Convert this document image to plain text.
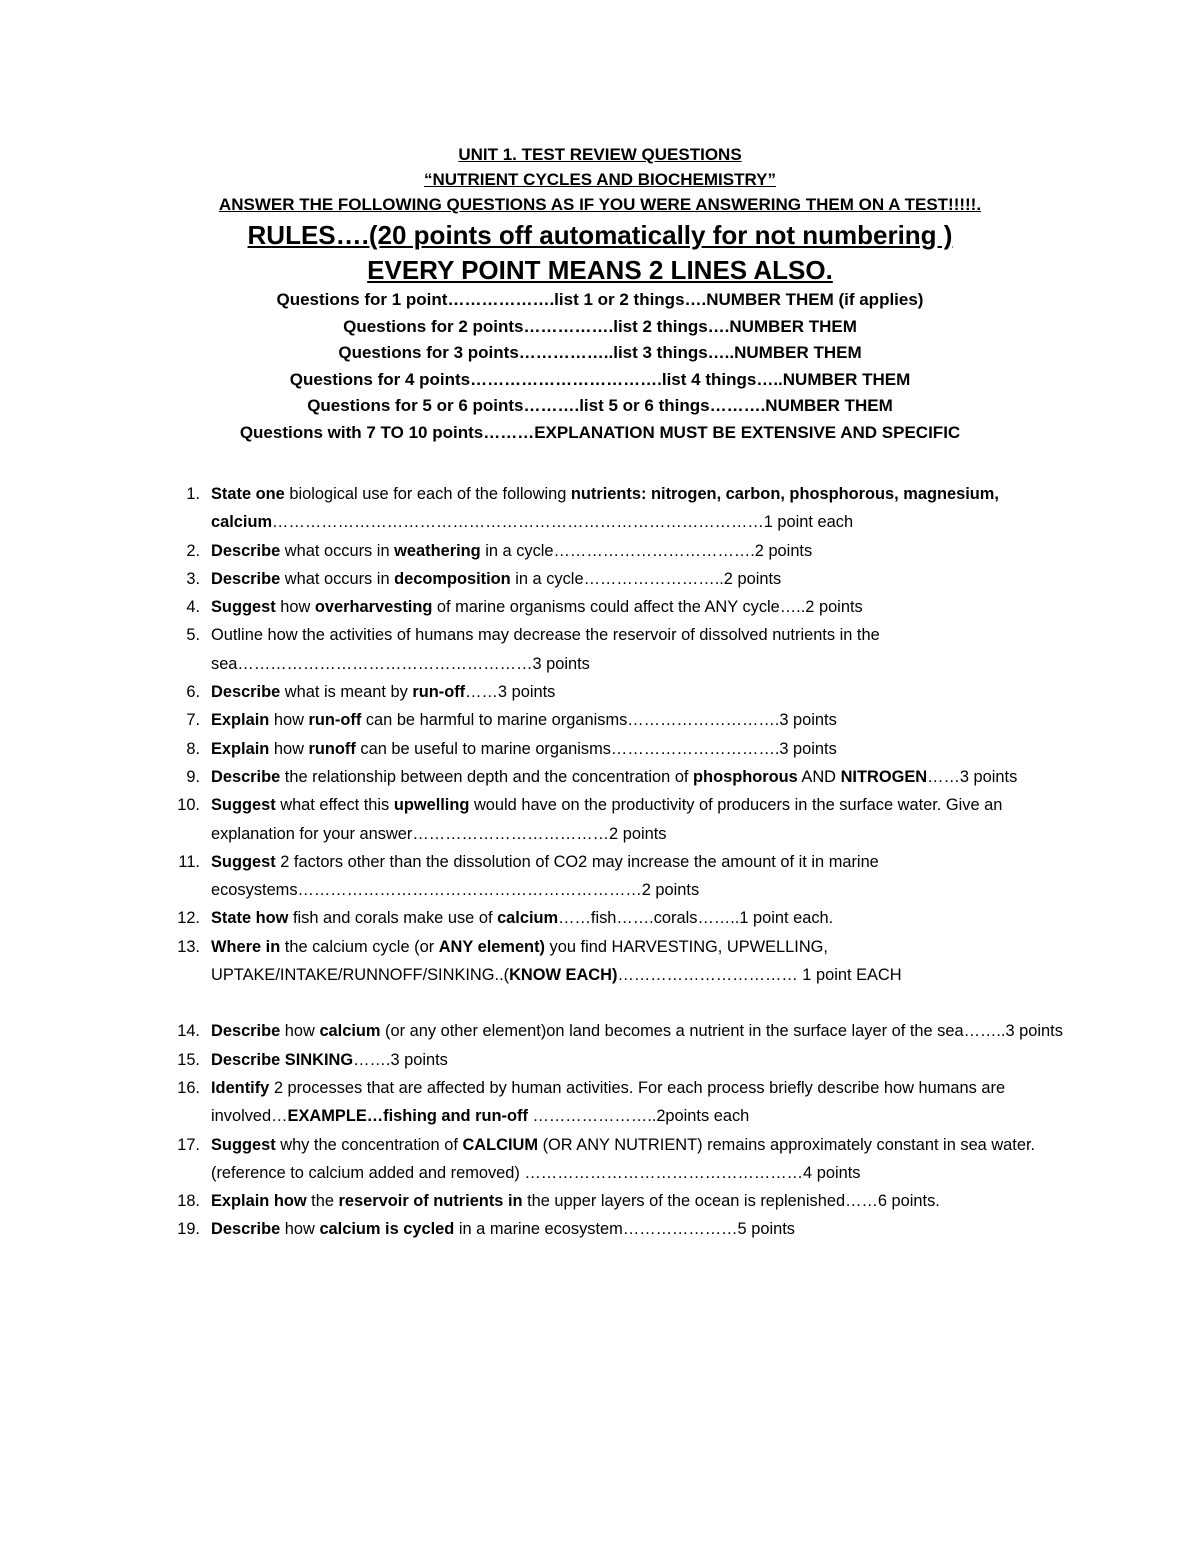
UNIT 1. TEST REVIEW QUESTIONS
“NUTRIENT CYCLES AND BIOCHEMISTRY”
ANSWER THE FOLLOWING QUESTIONS AS IF YOU WERE ANSWERING THEM ON A TEST!!!!!.
RULES….(20 points off automatically for not numbering )
EVERY POINT MEANS 2 LINES ALSO.
Questions for 1 point……………….list 1 or 2 things….NUMBER THEM (if applies)
Questions for 2 points…………….list 2 things….NUMBER THEM
Questions for 3 points……………..list 3 things…..NUMBER THEM
Questions for 4 points…………………………….list 4 things…..NUMBER THEM
Questions for 5 or 6 points……….list 5 or 6 things……….NUMBER THEM
Questions with 7 TO 10 points………EXPLANATION MUST BE EXTENSIVE AND SPECIFIC
1. State one biological use for each of the following nutrients: nitrogen, carbon, phosphorous, magnesium, calcium………………………………………………………………………………1 point each
2. Describe what occurs in weathering in a cycle……………………………….2 points
3. Describe what occurs in decomposition in a cycle……………………..2 points
4. Suggest how overharvesting of marine organisms could affect the ANY cycle…..2 points
5. Outline how the activities of humans may decrease the reservoir of dissolved nutrients in the sea………………………………………………3 points
6. Describe what is meant by run-off……3 points
7. Explain how run-off can be harmful to marine organisms……………………….3 points
8. Explain how runoff can be useful to marine organisms………………………….3 points
9. Describe the relationship between depth and the concentration of phosphorous AND NITROGEN……3 points
10. Suggest what effect this upwelling would have on the productivity of producers in the surface water. Give an explanation for your answer………………………………2 points
11. Suggest 2 factors other than the dissolution of CO2 may increase the amount of it in marine ecosystems………………………………………………………2 points
12. State how fish and corals make use of calcium……fish…….corals……..1 point each.
13. Where in the calcium cycle (or ANY element) you find HARVESTING, UPWELLING, UPTAKE/INTAKE/RUNNOFF/SINKING..(KNOW EACH)…………………………… 1 point EACH
14. Describe how calcium (or any other element)on land becomes a nutrient in the surface layer of the sea……..3 points
15. Describe SINKING…….3 points
16. Identify 2 processes that are affected by human activities. For each process briefly describe how humans are involved…EXAMPLE…fishing and run-off …………………..2points each
17. Suggest why the concentration of CALCIUM (OR ANY NUTRIENT) remains approximately constant in sea water. (reference to calcium added and removed) ……………………………………………4 points
18. Explain how the reservoir of nutrients in the upper layers of the ocean is replenished……6 points.
19. Describe how calcium is cycled in a marine ecosystem…………………5 points
